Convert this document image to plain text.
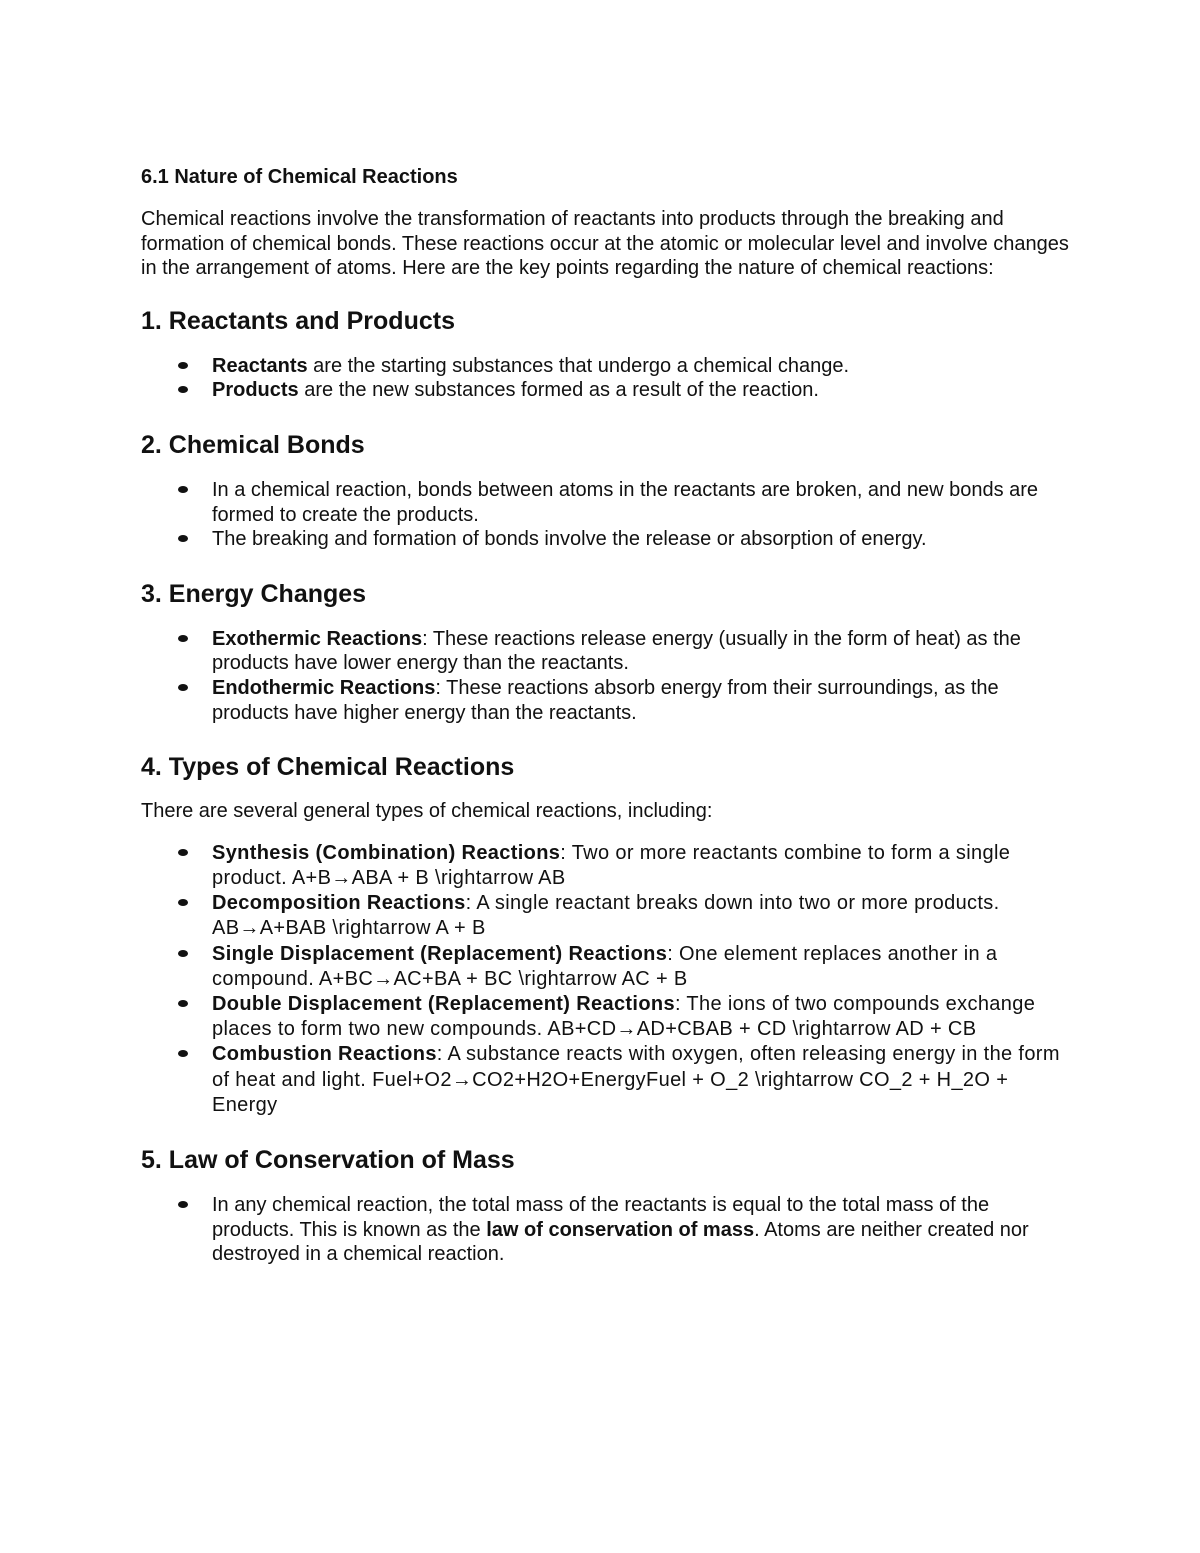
6.1 Nature of Chemical Reactions

Chemical reactions involve the transformation of reactants into products through the breaking and formation of chemical bonds. These reactions occur at the atomic or molecular level and involve changes in the arrangement of atoms. Here are the key points regarding the nature of chemical reactions:

1. Reactants and Products
Reactants are the starting substances that undergo a chemical change.
Products are the new substances formed as a result of the reaction.
2. Chemical Bonds
In a chemical reaction, bonds between atoms in the reactants are broken, and new bonds are formed to create the products.
The breaking and formation of bonds involve the release or absorption of energy.
3. Energy Changes
Exothermic Reactions: These reactions release energy (usually in the form of heat) as the products have lower energy than the reactants.
Endothermic Reactions: These reactions absorb energy from their surroundings, as the products have higher energy than the reactants.
4. Types of Chemical Reactions

There are several general types of chemical reactions, including:

Synthesis (Combination) Reactions: Two or more reactants combine to form a single product. A+B→ABA + B \rightarrow AB
Decomposition Reactions: A single reactant breaks down into two or more products. AB→A+BAB \rightarrow A + B
Single Displacement (Replacement) Reactions: One element replaces another in a compound. A+BC→AC+BA + BC \rightarrow AC + B
Double Displacement (Replacement) Reactions: The ions of two compounds exchange places to form two new compounds. AB+CD→AD+CBAB + CD \rightarrow AD + CB
Combustion Reactions: A substance reacts with oxygen, often releasing energy in the form of heat and light. Fuel+O2→CO2+H2O+EnergyFuel + O_2 \rightarrow CO_2 + H_2O + Energy
5. Law of Conservation of Mass
In any chemical reaction, the total mass of the reactants is equal to the total mass of the products. This is known as the law of conservation of mass. Atoms are neither created nor destroyed in a chemical reaction.
